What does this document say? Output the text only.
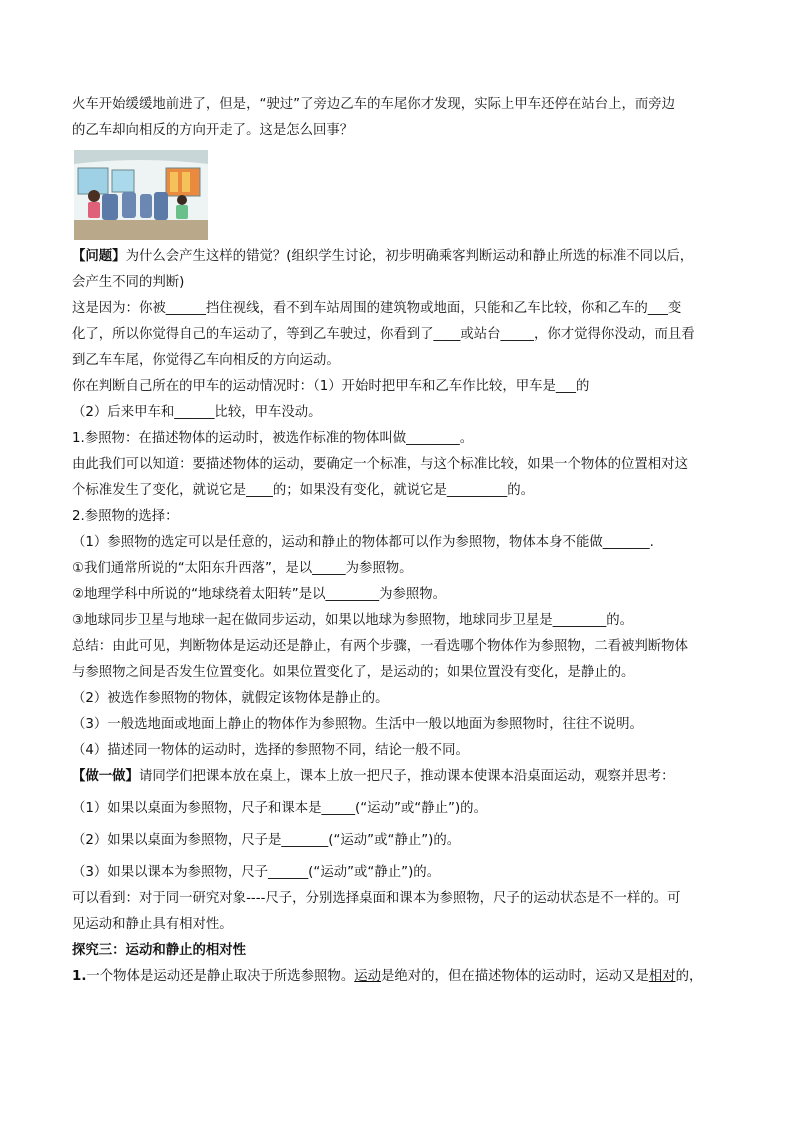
火车开始缓缓地前进了，但是，“驶过”了旁边乙车的车尾你才发现，实际上甲车还停在站台上，而旁边

的乙车却向相反的方向开走了。这是怎么回事？

【问题】为什么会产生这样的错觉？(组织学生讨论，初步明确乘客判断运动和静止所选的标准不同以后，

会产生不同的判断)

这是因为：你被______挡住视线，看不到车站周围的建筑物或地面，只能和乙车比较，你和乙车的___变

化了，所以你觉得自己的车运动了，等到乙车驶过，你看到了____或站台_____，你才觉得你没动，而且看

到乙车车尾，你觉得乙车向相反的方向运动。

你在判断自己所在的甲车的运动情况时：（1）开始时把甲车和乙车作比较，甲车是___的

（2）后来甲车和______比较，甲车没动。

1.参照物：在描述物体的运动时，被选作标准的物体叫做________。

由此我们可以知道：要描述物体的运动，要确定一个标准，与这个标准比较，如果一个物体的位置相对这

个标准发生了变化，就说它是____的；如果没有变化，就说它是_________的。

2.参照物的选择：

（1）参照物的选定可以是任意的，运动和静止的物体都可以作为参照物，物体本身不能做_______.

①我们通常所说的“太阳东升西落”，是以_____为参照物。

②地理学科中所说的“地球绕着太阳转”是以________为参照物。

③地球同步卫星与地球一起在做同步运动，如果以地球为参照物，地球同步卫星是________的。

总结：由此可见，判断物体是运动还是静止，有两个步骤，一看选哪个物体作为参照物，二看被判断物体

与参照物之间是否发生位置变化。如果位置变化了，是运动的；如果位置没有变化，是静止的。

（2）被选作参照物的物体，就假定该物体是静止的。

（3）一般选地面或地面上静止的物体作为参照物。生活中一般以地面为参照物时，往往不说明。

（4）描述同一物体的运动时，选择的参照物不同，结论一般不同。

【做一做】请同学们把课本放在桌上，课本上放一把尺子，推动课本使课本沿桌面运动，观察并思考：

（1）如果以桌面为参照物，尺子和课本是_____(“运动”或“静止”)的。

（2）如果以桌面为参照物，尺子是_______(“运动”或“静止”)的。

（3）如果以课本为参照物，尺子______(“运动”或“静止”)的。

可以看到：对于同一研究对象----尺子，分别选择桌面和课本为参照物，尺子的运动状态是不一样的。可

见运动和静止具有相对性。

探究三：运动和静止的相对性

1.一个物体是运动还是静止取决于所选参照物。运动是绝对的，但在描述物体的运动时，运动又是相对的，
